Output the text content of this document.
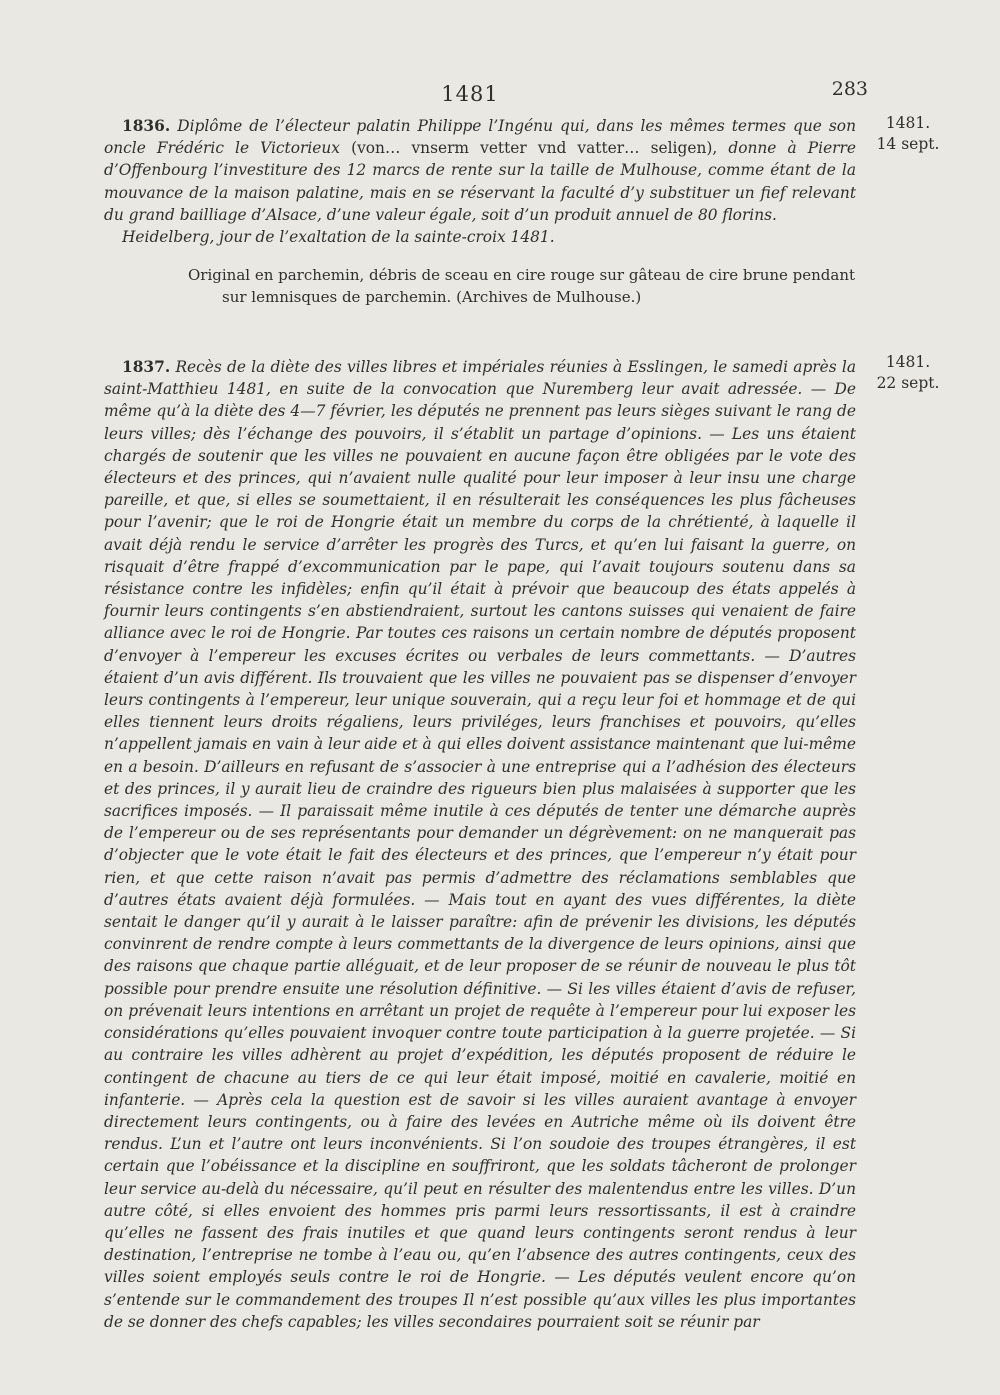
1481	283
1481.
14 sept.

1836. Diplôme de l’électeur palatin Philippe l’Ingénu qui, dans les mêmes termes que son oncle Frédéric le Victorieux (von… vnserm vetter vnd vatter… seligen), donne à Pierre d’Offenbourg l’investiture des 12 marcs de rente sur la taille de Mulhouse, comme étant de la mouvance de la maison palatine, mais en se réservant la faculté d’y substituer un fief relevant du grand bailliage d’Alsace, d’une valeur égale, soit d’un produit annuel de 80 florins.

Heidelberg, jour de l’exaltation de la sainte-croix 1481.

Original en parchemin, débris de sceau en cire rouge sur gâteau de cire brune pendant
sur lemnisques de parchemin. (Archives de Mulhouse.)
1481.
22 sept.

1837. Recès de la diète des villes libres et impériales réunies à Esslingen, le samedi après la saint-Matthieu 1481, en suite de la convocation que Nuremberg leur avait adressée. — De même qu’à la diète des 4—7 février, les députés ne prennent pas leurs sièges suivant le rang de leurs villes; dès l’échange des pouvoirs, il s’établit un partage d’opinions. — Les uns étaient chargés de soutenir que les villes ne pouvaient en aucune façon être obligées par le vote des électeurs et des princes, qui n’avaient nulle qualité pour leur imposer à leur insu une charge pareille, et que, si elles se soumettaient, il en résulterait les conséquences les plus fâcheuses pour l’avenir; que le roi de Hongrie était un membre du corps de la chrétienté, à laquelle il avait déjà rendu le service d’arrêter les progrès des Turcs, et qu’en lui faisant la guerre, on risquait d’être frappé d’excommunication par le pape, qui l’avait toujours soutenu dans sa résistance contre les infidèles; enfin qu’il était à prévoir que beaucoup des états appelés à fournir leurs contingents s’en abstiendraient, surtout les cantons suisses qui venaient de faire alliance avec le roi de Hongrie. Par toutes ces raisons un certain nombre de députés proposent d’envoyer à l’empereur les excuses écrites ou verbales de leurs commettants. — D’autres étaient d’un avis différent. Ils trouvaient que les villes ne pouvaient pas se dispenser d’envoyer leurs contingents à l’empereur, leur unique souverain, qui a reçu leur foi et hommage et de qui elles tiennent leurs droits régaliens, leurs priviléges, leurs franchises et pouvoirs, qu’elles n’appellent jamais en vain à leur aide et à qui elles doivent assistance maintenant que lui-même en a besoin. D’ailleurs en refusant de s’associer à une entreprise qui a l’adhésion des électeurs et des princes, il y aurait lieu de craindre des rigueurs bien plus malaisées à supporter que les sacrifices imposés. — Il paraissait même inutile à ces députés de tenter une démarche auprès de l’empereur ou de ses représentants pour demander un dégrèvement: on ne manquerait pas d’objecter que le vote était le fait des électeurs et des princes, que l’empereur n’y était pour rien, et que cette raison n’avait pas permis d’admettre des réclamations semblables que d’autres états avaient déjà formulées. — Mais tout en ayant des vues différentes, la diète sentait le danger qu’il y aurait à le laisser paraître: afin de prévenir les divisions, les députés convinrent de rendre compte à leurs commettants de la divergence de leurs opinions, ainsi que des raisons que chaque partie alléguait, et de leur proposer de se réunir de nouveau le plus tôt possible pour prendre ensuite une résolution définitive. — Si les villes étaient d’avis de refuser, on prévenait leurs intentions en arrêtant un projet de requête à l’empereur pour lui exposer les considérations qu’elles pouvaient invoquer contre toute participation à la guerre projetée. — Si au contraire les villes adhèrent au projet d’expédition, les députés proposent de réduire le contingent de chacune au tiers de ce qui leur était imposé, moitié en cavalerie, moitié en infanterie. — Après cela la question est de savoir si les villes auraient avantage à envoyer directement leurs contingents, ou à faire des levées en Autriche même où ils doivent être rendus. L’un et l’autre ont leurs inconvénients. Si l’on soudoie des troupes étrangères, il est certain que l’obéissance et la discipline en souffriront, que les soldats tâcheront de prolonger leur service au-delà du nécessaire, qu’il peut en résulter des malentendus entre les villes. D’un autre côté, si elles envoient des hommes pris parmi leurs ressortissants, il est à craindre qu’elles ne fassent des frais inutiles et que quand leurs contingents seront rendus à leur destination, l’entreprise ne tombe à l’eau ou, qu’en l’absence des autres contingents, ceux des villes soient employés seuls contre le roi de Hongrie. — Les députés veulent encore qu’on s’entende sur le commandement des troupes Il n’est possible qu’aux villes les plus importantes de se donner des chefs capables; les villes secondaires pourraient soit se réunir par
